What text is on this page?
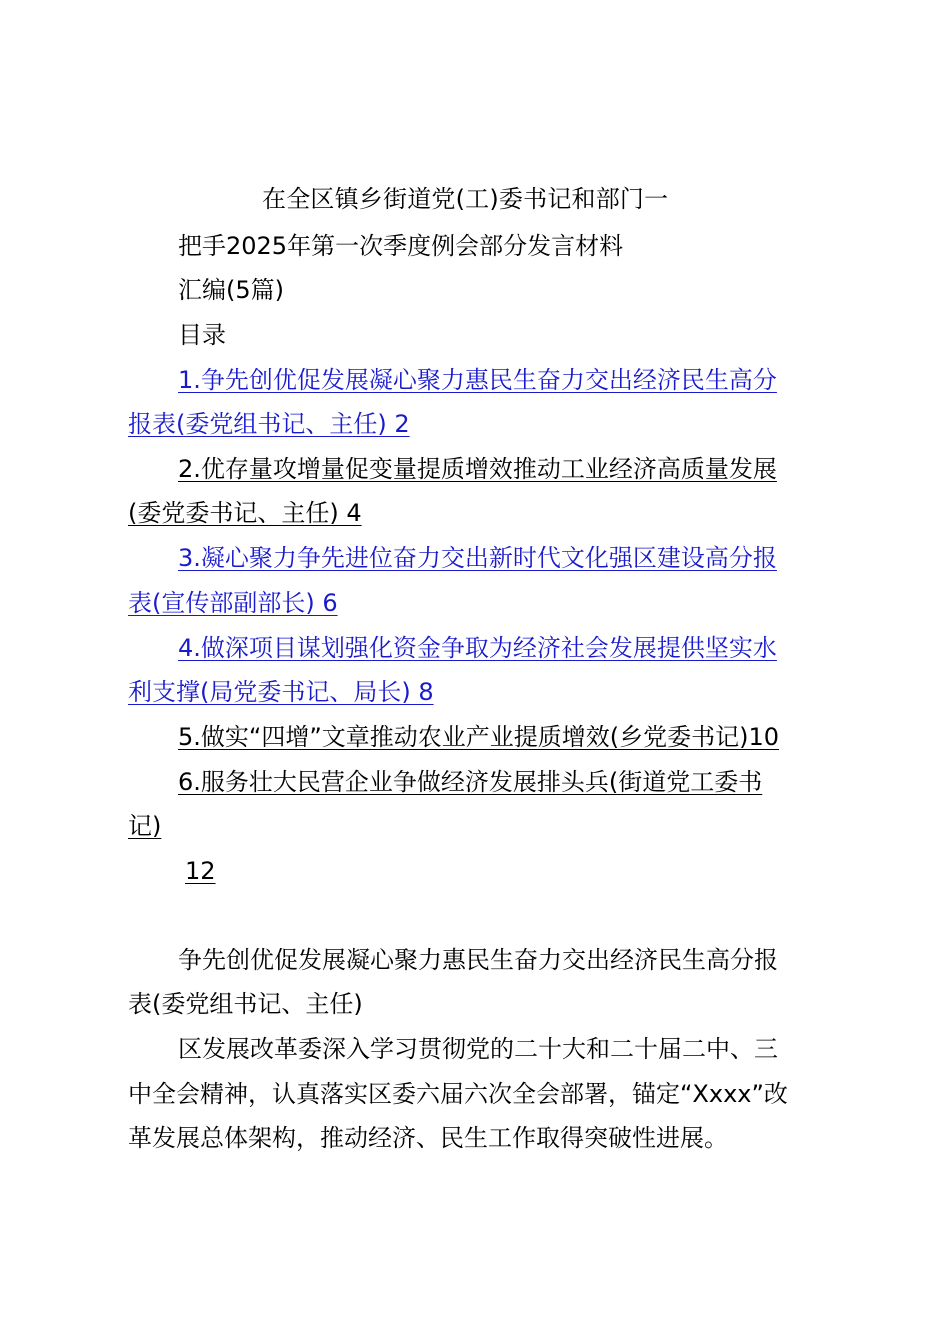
在全区镇乡街道党(工)委书记和部门一
把手2025年第一次季度例会部分发言材料
汇编(5篇)
目录
1.争先创优促发展凝心聚力惠民生奋力交出经济民生高分
报表(委党组书记、主任) 2
2.优存量攻增量促变量提质增效推动工业经济高质量发展
(委党委书记、主任) 4
3.凝心聚力争先进位奋力交出新时代文化强区建设高分报
表(宣传部副部长) 6
4.做深项目谋划强化资金争取为经济社会发展提供坚实水
利支撑(局党委书记、局长) 8
5.做实“四增”文章推动农业产业提质增效(乡党委书记)10
6.服务壮大民营企业争做经济发展排头兵(街道党工委书
记)
12
争先创优促发展凝心聚力惠民生奋力交出经济民生高分报
表(委党组书记、主任)
区发展改革委深入学习贯彻党的二十大和二十届二中、三
中全会精神，认真落实区委六届六次全会部署，锚定“Xxxx”改
革发展总体架构，推动经济、民生工作取得突破性进展。
